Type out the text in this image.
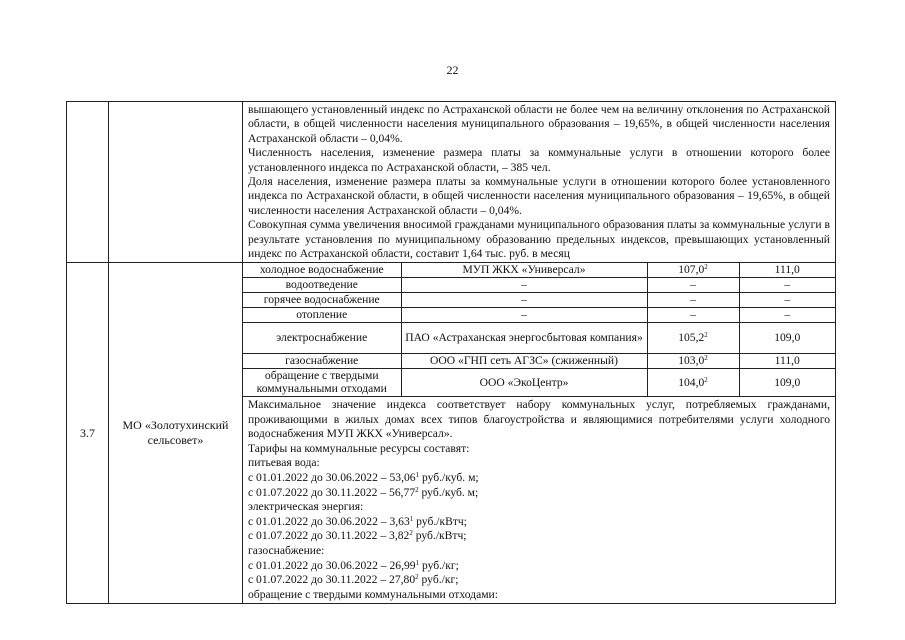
22

вышающего установленный индекс по Астраханской области не более чем на величину отклонения по Астраханской области, в общей численности населения муниципального образования – 19,65%, в общей численности населения Астраханской области – 0,04%.

Численность населения, изменение размера платы за коммунальные услуги в отношении которого более установленного индекса по Астраханской области, – 385 чел.

Доля населения, изменение размера платы за коммунальные услуги в отношении которого более установленного индекса по Астраханской области, в общей численности населения муниципального образования – 19,65%, в общей численности населения Астраханской области – 0,04%.

Совокупная сумма увеличения вносимой гражданами муниципального образования платы за коммунальные услуги в результате установления по муниципальному образованию предельных индексов, превышающих установленный индекс по Астраханской области, составит 1,64 тыс. руб. в месяц

3.7	МО «Золотухинский сельсовет»	
холодное водоснабжение	МУП ЖКХ «Универсал»	107,0$^2$	111,0
водоотведение	–	–	–
горячее водоснабжение	–	–	–
отопление	–	–	–
электроснабжение	ПАО «Астраханская энергосбытовая компания»	105,2$^2$	109,0
газоснабжение	ООО «ГНП сеть АГЗС» (сжиженный)	103,0$^2$	111,0
обращение с твердыми коммунальными отходами	ООО «ЭкоЦентр»	104,0$^2$	109,0

Максимальное значение индекса соответствует набору коммунальных услуг, потребляемых гражданами, проживающими в жилых домах всех типов благоустройства и являющимися потребителями услуги холодного водоснабжения МУП ЖКХ «Универсал».

Тарифы на коммунальные ресурсы составят:

питьевая вода:

с 01.01.2022 до 30.06.2022 – 53,06$^1$ руб./куб. м;

с 01.07.2022 до 30.11.2022 – 56,77$^2$ руб./куб. м;

электрическая энергия:

с 01.01.2022 до 30.06.2022 – 3,63$^1$ руб./кВтч;

с 01.07.2022 до 30.11.2022 – 3,82$^2$ руб./кВтч;

газоснабжение:

с 01.01.2022 до 30.06.2022 – 26,99$^1$ руб./кг;

с 01.07.2022 до 30.11.2022 – 27,80$^2$ руб./кг;

обращение с твердыми коммунальными отходами:
